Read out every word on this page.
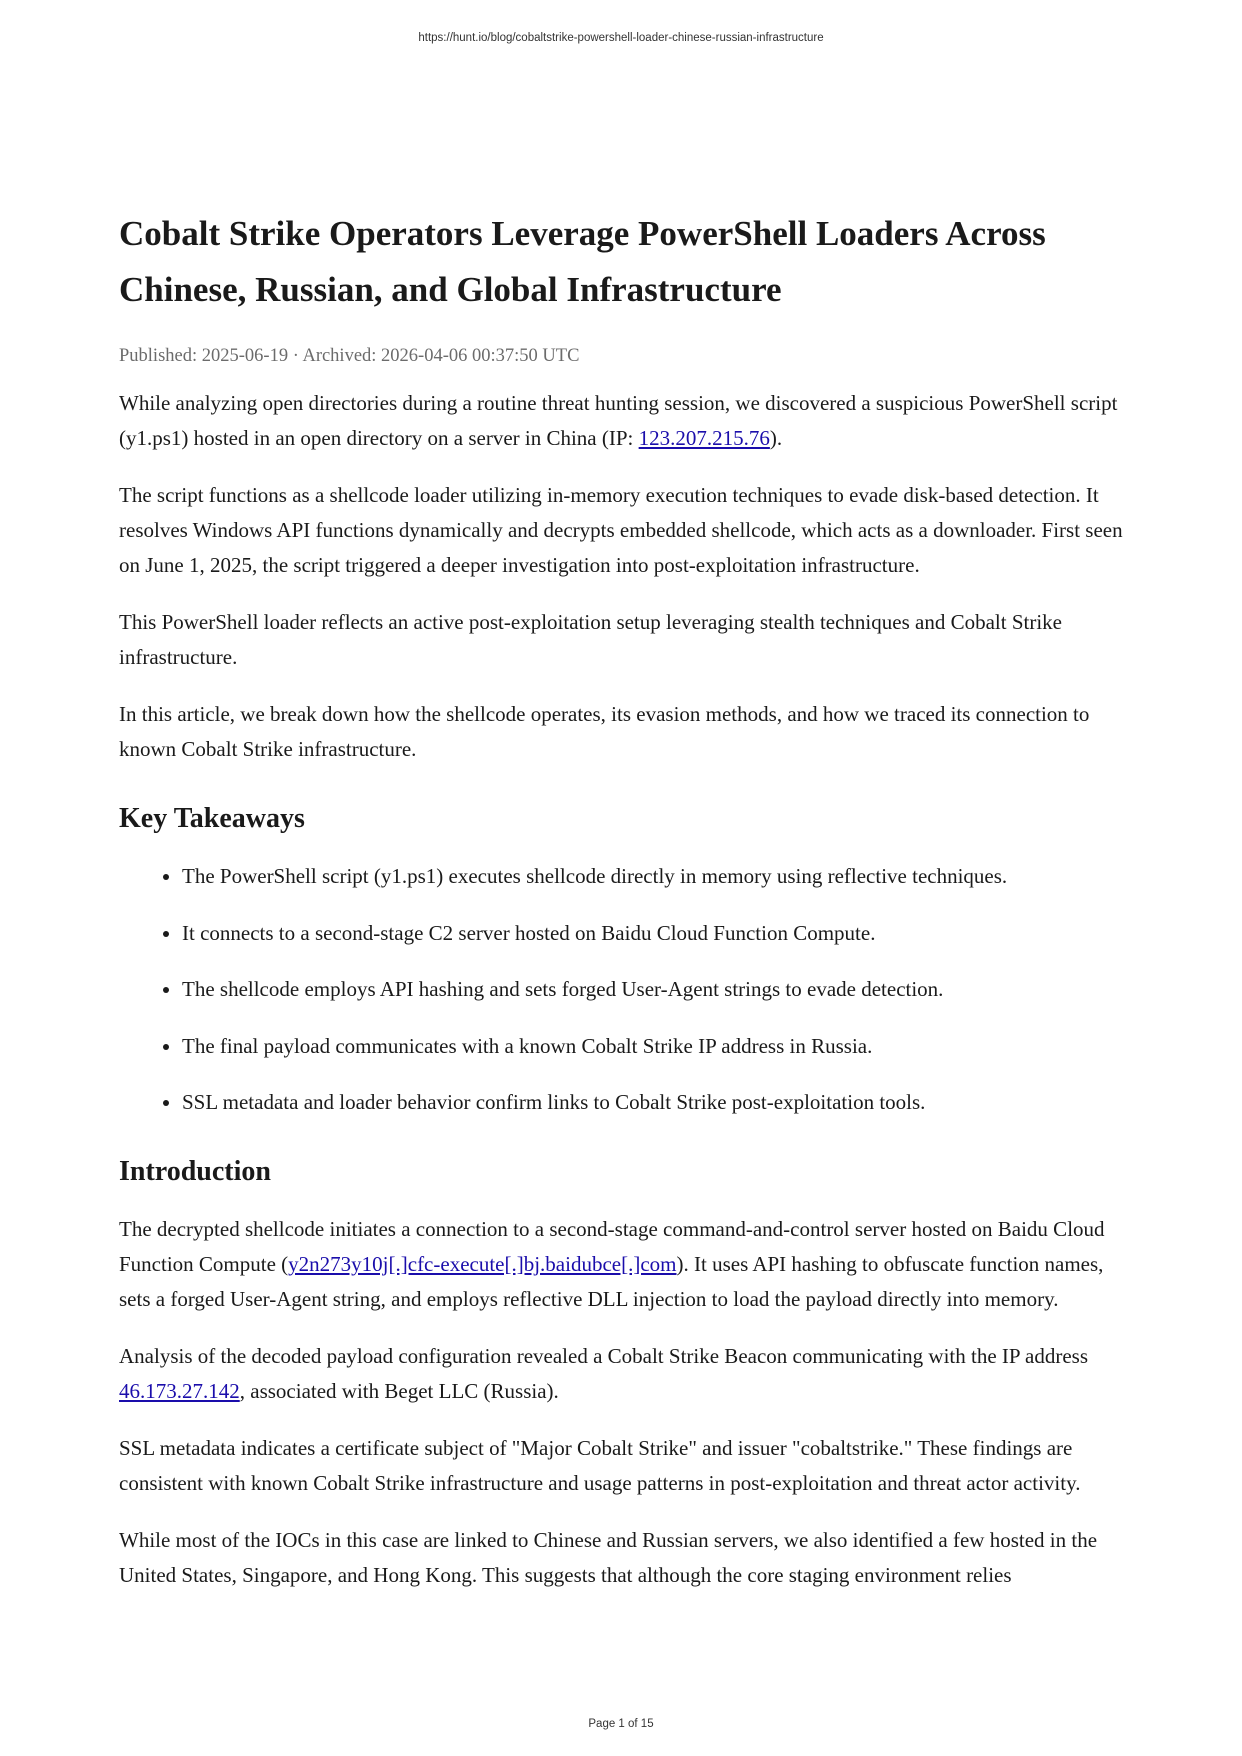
https://hunt.io/blog/cobaltstrike-powershell-loader-chinese-russian-infrastructure
Cobalt Strike Operators Leverage PowerShell Loaders Across Chinese, Russian, and Global Infrastructure
Published: 2025-06-19 · Archived: 2026-04-06 00:37:50 UTC

While analyzing open directories during a routine threat hunting session, we discovered a suspicious PowerShell script (y1.ps1) hosted in an open directory on a server in China (IP: 123.207.215.76).

The script functions as a shellcode loader utilizing in-memory execution techniques to evade disk-based detection. It resolves Windows API functions dynamically and decrypts embedded shellcode, which acts as a downloader. First seen on June 1, 2025, the script triggered a deeper investigation into post-exploitation infrastructure.

This PowerShell loader reflects an active post-exploitation setup leveraging stealth techniques and Cobalt Strike infrastructure.

In this article, we break down how the shellcode operates, its evasion methods, and how we traced its connection to known Cobalt Strike infrastructure.

Key Takeaways
• The PowerShell script (y1.ps1) executes shellcode directly in memory using reflective techniques.
• It connects to a second-stage C2 server hosted on Baidu Cloud Function Compute.
• The shellcode employs API hashing and sets forged User-Agent strings to evade detection.
• The final payload communicates with a known Cobalt Strike IP address in Russia.
• SSL metadata and loader behavior confirm links to Cobalt Strike post-exploitation tools.
Introduction

The decrypted shellcode initiates a connection to a second-stage command-and-control server hosted on Baidu Cloud Function Compute (y2n273y10j[.]cfc-execute[.]bj.baidubce[.]com). It uses API hashing to obfuscate function names, sets a forged User-Agent string, and employs reflective DLL injection to load the payload directly into memory.

Analysis of the decoded payload configuration revealed a Cobalt Strike Beacon communicating with the IP address 46.173.27.142, associated with Beget LLC (Russia).

SSL metadata indicates a certificate subject of "Major Cobalt Strike" and issuer "cobaltstrike." These findings are consistent with known Cobalt Strike infrastructure and usage patterns in post-exploitation and threat actor activity.

While most of the IOCs in this case are linked to Chinese and Russian servers, we also identified a few hosted in the United States, Singapore, and Hong Kong. This suggests that although the core staging environment relies

Page 1 of 15
